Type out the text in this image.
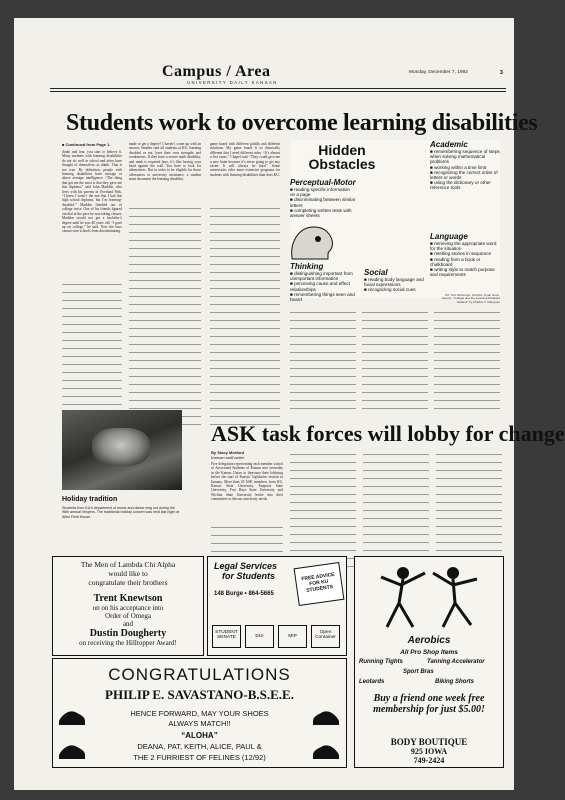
Campus / Area
UNIVERSITY DAILY KANSAN
Monday, December 7, 1992	3
Students work to overcome learning disabilities
■ Continued from Page 1.
doubt and fear, you start to believe it. Many students with learning disabilities do not do well in school and often have thought of themselves as dumb. That is not true. By definition, people with learning disabilities have average or above average intelligence. “The thing that got me the most is that they gave me this diploma,” said John Madden, who lives with his parents in Overland Park. “I knew I wasn’t the one that I had this high school diploma, but I’m learning-disabled.” Madden finished out of college twice. One of his friends figured out that at the pace he was taking classes, Madden would not get a bachelor’s degree until he was 40 years old. “I gave up on college,” he said. Now the laws cannot save schools from discriminating.
made to get a degree? I haven’t come up with an answer. Smaller said all students at KU, learning disabled or not, have their own strengths and weaknesses. If they have a severe math disability, and math is required here, it’s like having your head against the wall. You have to look for alternatives. But in order to be eligible for those allowances or university assistance, a student must document the learning disability.
game board with different pitfalls and different solutions. My game board is so drastically different that I need different rules. “It’s almost a lost cause,” Chapel said. “They could give me a new brain because it’s never going to get any easier. It will always be hard.” Some universities offer more extensive programs for students with learning disabilities than does KU.
Hidden Obstacles
Perceptual-Motor
■ reading specific information on a page
■ discriminating between similar letters
■ completing written tests with answer sheets
Thinking
■ distinguishing important from unimportant information
■ perceiving cause and effect relationships
■ remembering things seen and heard
Social
■ reading body language and facial expressions
■ recognizing social cues
Academic
■ remembering sequence of steps when solving mathematical problems
■ working within a time limit
■ recognizing the correct order of letters or words
■ using the dictionary or other reference tools
Language
■ retrieving the appropriate word for the situation
■ retelling stories in sequence
■ reading from a book or chalkboard
■ writing style to match purpose and requirements
KU: Tom McGregor, Graphic, Nyan Nunn. Source: “College and the Learning Disabled Student” by Charles T. Mangrum
Holiday tradition
Students from KU’s department of music and dance sing out during the 98th annual Vespers. The traditional holiday concert was held last night at Allen Field House.
ASK task forces will lobby for change
By Stacy Morford
Kansan staff writer
Five delegation representing each member school of Associated Students of Kansas met yesterday in the Kansas Union to fine-tune their lobbying before the start of Kansas’ legislative session in January. More than 25 ASK members from KU, Kansas State University, Emporia State University, Fort Hays State University and Wichita State University broke into their committees to discuss university needs.
The Men of Lambda Chi Alpha
would like to
congratulate their brothers
Trent Knewtson
on on his acceptance into
Order of Omega
and
Dustin Dougherty
on receiving the Hilltopper Award!
Legal Services
for Students
148 Burge • 864-5665
FREE ADVICE FOR KU STUDENTS
STUDENT SENATE	DUI	MIP
Open Container	Aerobics
All Pro Shop Items
Running Tights	Tanning Accelerator
Sport Bras
Leotards	Biking Shorts
Buy a friend one week free membership for just $5.00!
BODY BOUTIQUE
925 IOWA
749-2424
CONGRATULATIONS
PHILIP E. SAVASTANO-B.S.E.E.
HENCE FORWARD, MAY YOUR SHOES
ALWAYS MATCH!!
“ALOHA”
DEANA, PAT, KEITH, ALICE, PAUL &
THE 2 FURRIEST OF FELINES (12/92)
